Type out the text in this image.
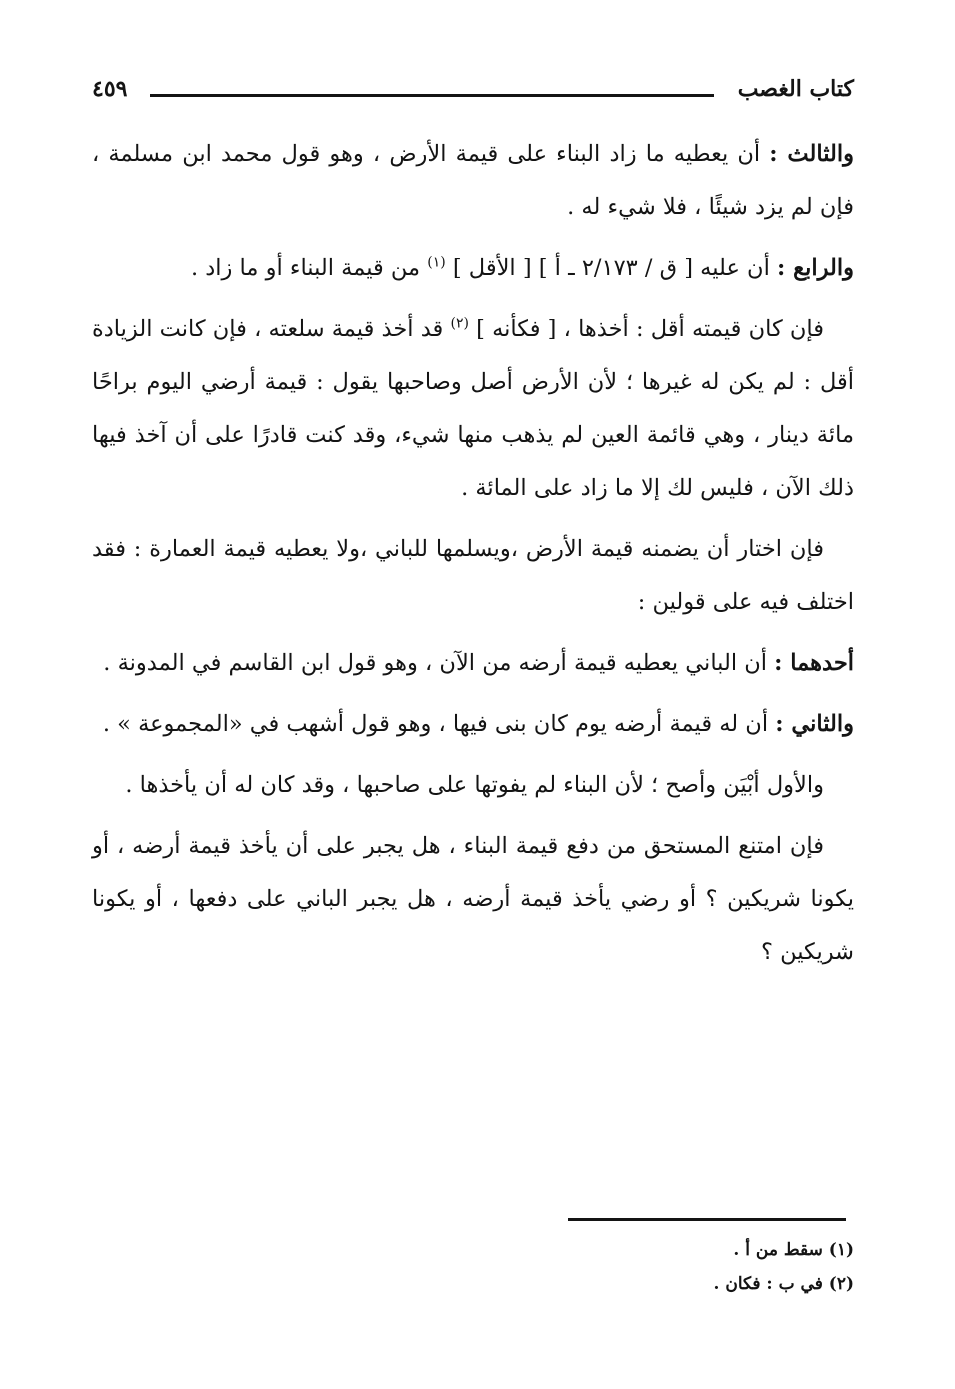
كتاب الغصب
٤٥٩

والثالث : أن يعطيه ما زاد البناء على قيمة الأرض ، وهو قول محمد ابن مسلمة ، فإن لم يزد شيئًا ، فلا شيء له .

والرابع : أن عليه [ ق / ٢/١٧٣ ـ أ ] [ الأقل ] $^{(١)}$ من قيمة البناء أو ما زاد .

فإن كان قيمته أقل : أخذها ، [ فكأنه ] $^{(٢)}$ قد أخذ قيمة سلعته ، فإن كانت الزيادة أقل : لم يكن له غيرها ؛ لأن الأرض أصل وصاحبها يقول : قيمة أرضي اليوم براحًا مائة دينار ، وهي قائمة العين لم يذهب منها شيء، وقد كنت قادرًا على أن آخذ فيها ذلك الآن ، فليس لك إلا ما زاد على المائة .

فإن اختار أن يضمنه قيمة الأرض ،ويسلمها للباني ،ولا يعطيه قيمة العمارة : فقد اختلف فيه على قولين :

أحدهما : أن الباني يعطيه قيمة أرضه من الآن ، وهو قول ابن القاسم في المدونة .

والثاني : أن له قيمة أرضه يوم كان بنى فيها ، وهو قول أشهب في «المجموعة » .

والأول أبْيَن وأصح ؛ لأن البناء لم يفوتها على صاحبها ، وقد كان له أن يأخذها .

فإن امتنع المستحق من دفع قيمة البناء ، هل يجبر على أن يأخذ قيمة أرضه ، أو يكونا شريكين ؟ أو رضي يأخذ قيمة أرضه ، هل يجبر الباني على دفعها ، أو يكونا شريكين ؟

(١) سقط من أ .

(٢) في ب : فكان .
